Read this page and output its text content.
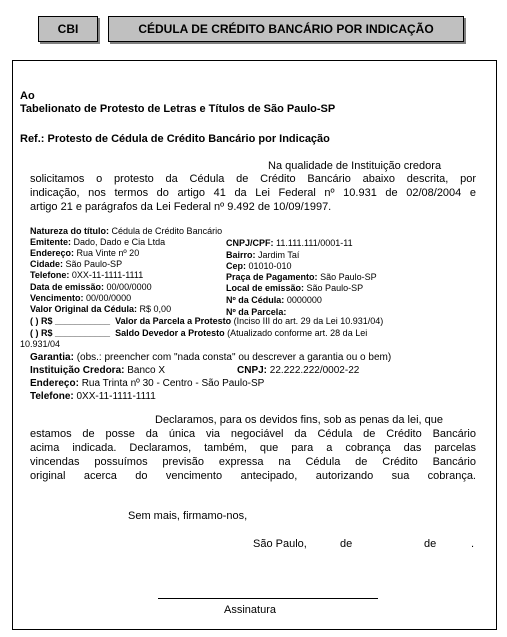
CBI	CÉDULA DE CRÉDITO BANCÁRIO POR INDICAÇÃO
Ao
Tabelionato de Protesto de Letras e Títulos de São Paulo-SP
Ref.: Protesto de Cédula de Crédito Bancário por Indicação
Na qualidade de Instituição credora
solicitamos o protesto da Cédula de Crédito Bancário abaixo descrita, por
indicação, nos termos do artigo 41 da Lei Federal nº 10.931 de 02/08/2004 e
artigo 21 e parágrafos da Lei Federal nº 9.492 de 10/09/1997.
Natureza do título: Cédula de Crédito Bancário
Emitente: Dado, Dado e Cia Ltda	CNPJ/CPF: 11.111.111/0001-11
Endereço: Rua Vinte nº 20	Bairro: Jardim Taí
Cidade: São Paulo-SP	Cep: 01010-010
Telefone: 0XX-11-1111-1111	Praça de Pagamento: São Paulo-SP
Data de emissão: 00/00/0000	Local de emissão: São Paulo-SP
Vencimento: 00/00/0000	Nº da Cédula: 0000000
Valor Original da Cédula: R$ 0,00	Nº da Parcela:
( ) R$ ___________ Valor da Parcela a Protesto (Inciso III do art. 29 da Lei 10.931/04)
( ) R$ ___________ Saldo Devedor a Protesto (Atualizado conforme art. 28 da Lei
10.931/04
Garantia: (obs.: preencher com "nada consta" ou descrever a garantia ou o bem)
Instituição Credora: Banco X	CNPJ: 22.222.222/0002-22
Endereço: Rua Trinta nº 30 - Centro - São Paulo-SP
Telefone: 0XX-11-1111-1111
Declaramos, para os devidos fins, sob as penas da lei, que
estamos de posse da única via negociável da Cédula de Crédito Bancário
acima indicada. Declaramos, também, que para a cobrança das parcelas
vincendas possuímos previsão expressa na Cédula de Crédito Bancário
original acerca do vencimento antecipado, autorizando sua cobrança.
Sem mais, firmamo-nos,
São Paulo,	de	de	.
Assinatura
